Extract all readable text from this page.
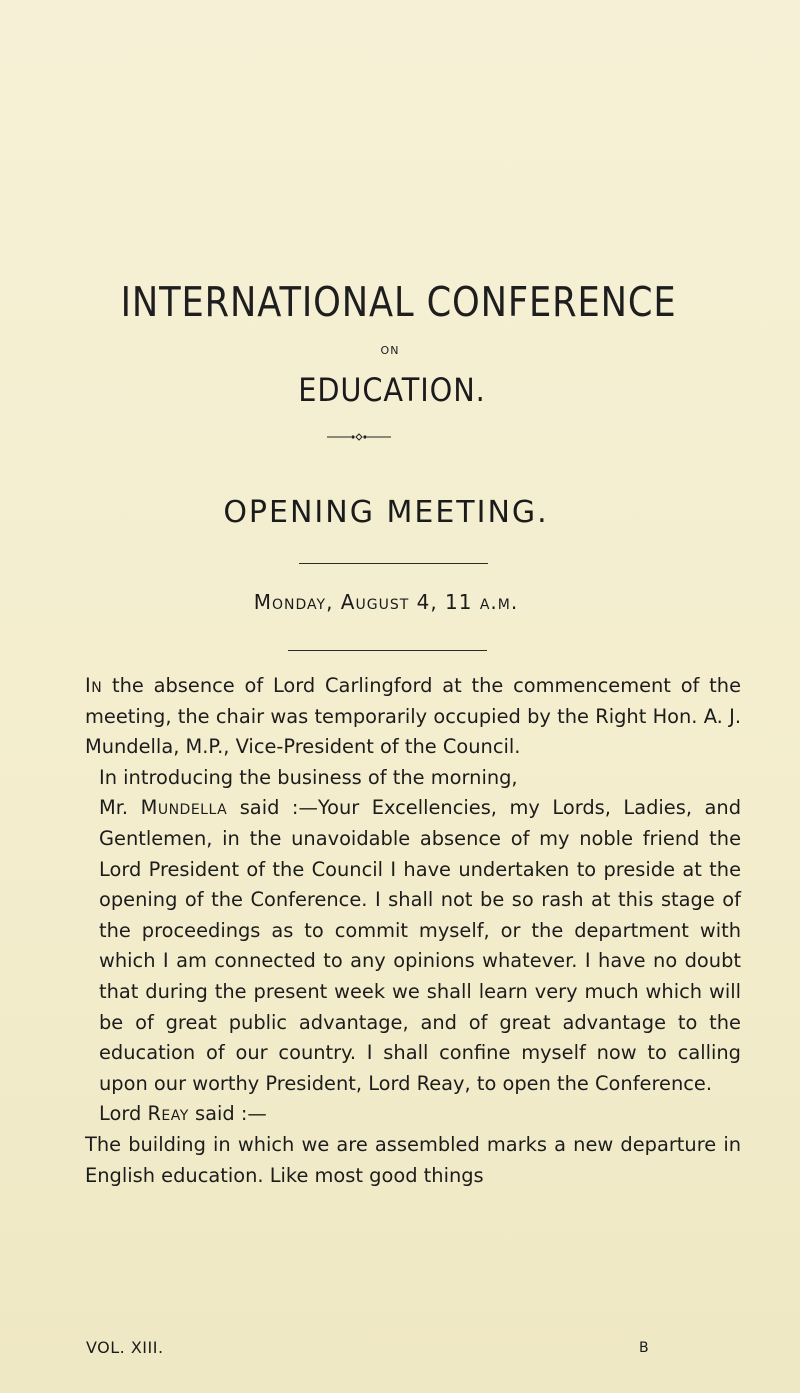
INTERNATIONAL CONFERENCE
ON
EDUCATION.
OPENING MEETING.
Monday, August 4, 11 a.m.

In the absence of Lord Carlingford at the commencement of the meeting, the chair was temporarily occupied by the Right Hon. A. J. Mundella, M.P., Vice-President of the Council.

In introducing the business of the morning,

Mr. Mundella said :—Your Excellencies, my Lords, Ladies, and Gentlemen, in the unavoidable absence of my noble friend the Lord President of the Council I have undertaken to preside at the opening of the Conference. I shall not be so rash at this stage of the proceedings as to commit myself, or the department with which I am connected to any opinions whatever. I have no doubt that during the present week we shall learn very much which will be of great public advantage, and of great advantage to the education of our country. I shall confine myself now to calling upon our worthy President, Lord Reay, to open the Conference.

Lord Reay said :—

The building in which we are assembled marks a new departure in English education. Like most good things

VOL. XIII.	B
